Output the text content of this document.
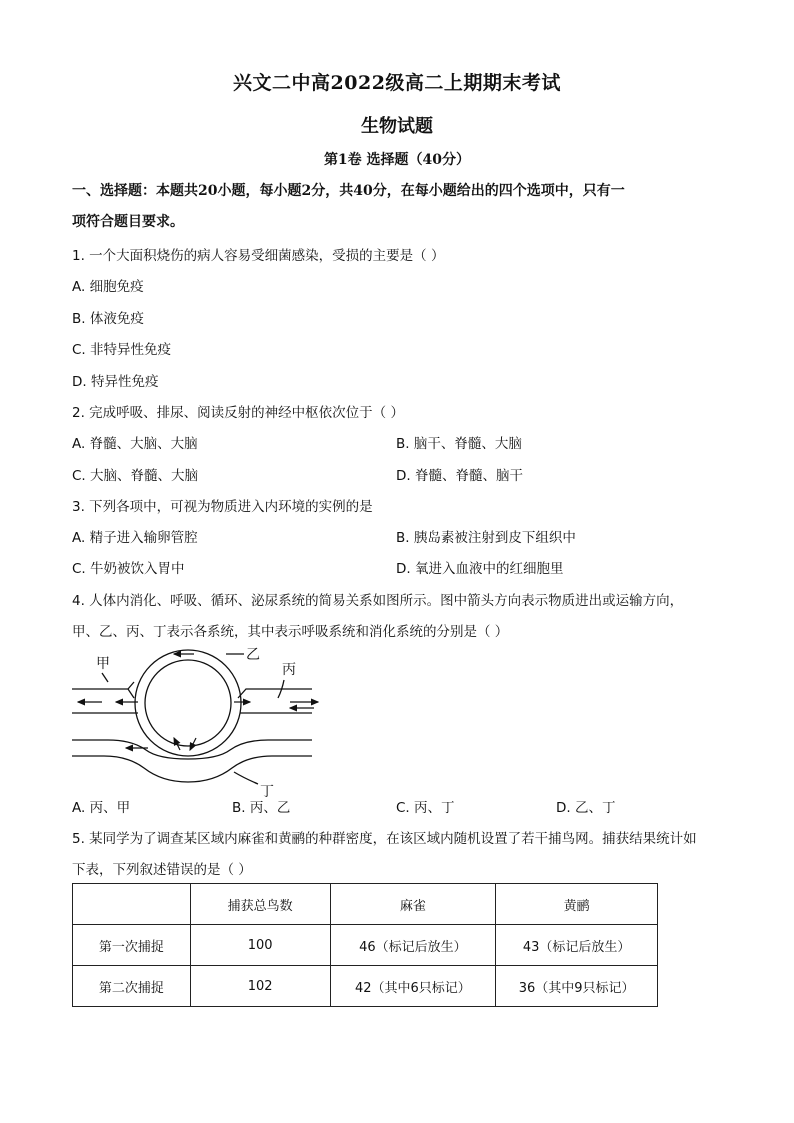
兴文二中高2022级高二上期期末考试
生物试题
第1卷 选择题（40分）
一、选择题：本题共20小题，每小题2分，共40分，在每小题给出的四个选项中，只有一
项符合题目要求。
1. 一个大面积烧伤的病人容易受细菌感染，受损的主要是（ ）
A. 细胞免疫
B. 体液免疫
C. 非特异性免疫
D. 特异性免疫
2. 完成呼吸、排尿、阅读反射的神经中枢依次位于（ ）
A. 脊髓、大脑、大脑	B. 脑干、脊髓、大脑
C. 大脑、脊髓、大脑	D. 脊髓、脊髓、脑干
3. 下列各项中，可视为物质进入内环境的实例的是
A. 精子进入输卵管腔	B. 胰岛素被注射到皮下组织中
C. 牛奶被饮入胃中	D. 氧进入血液中的红细胞里
4. 人体内消化、呼吸、循环、泌尿系统的简易关系如图所示。图中箭头方向表示物质进出或运输方向，
甲、乙、丙、丁表示各系统，其中表示呼吸系统和消化系统的分别是（ ）
甲
乙
丙
丁
A. 丙、甲	B. 丙、乙	C. 丙、丁	D. 乙、丁
5. 某同学为了调查某区域内麻雀和黄鹂的种群密度，在该区域内随机设置了若干捕鸟网。捕获结果统计如
下表，下列叙述错误的是（ ）
	捕获总鸟数	麻雀	黄鹂
第一次捕捉	100	46（标记后放生）	43（标记后放生）
第二次捕捉	102	42（其中6只标记）	36（其中9只标记）
